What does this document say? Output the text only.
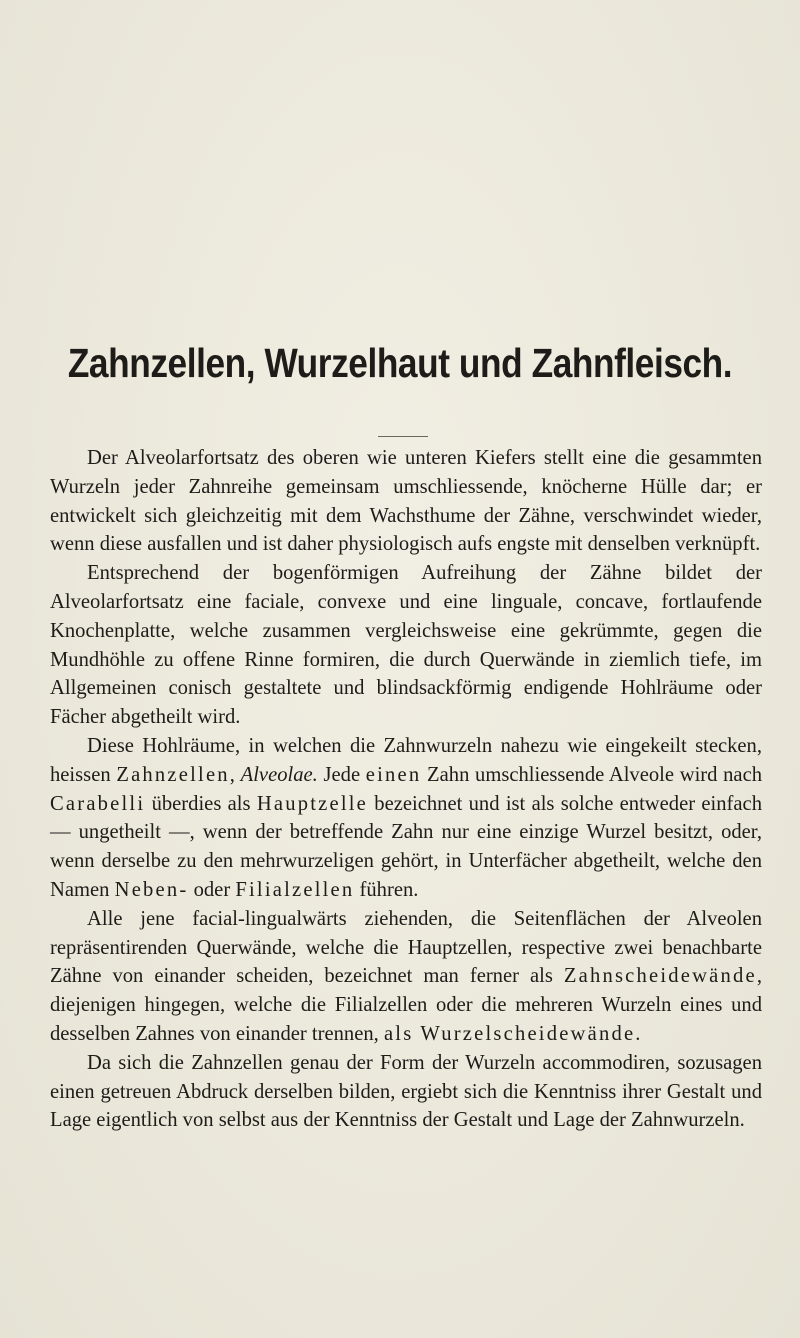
Zahnzellen, Wurzelhaut und Zahnfleisch.

Der Alveolarfortsatz des oberen wie unteren Kiefers stellt eine die gesammten Wurzeln jeder Zahnreihe gemeinsam umschliessende, knöcherne Hülle dar; er entwickelt sich gleichzeitig mit dem Wachsthume der Zähne, verschwindet wieder, wenn diese ausfallen und ist daher physiologisch aufs engste mit denselben verknüpft.

Entsprechend der bogenförmigen Aufreihung der Zähne bildet der Alveolarfortsatz eine faciale, convexe und eine linguale, concave, fortlaufende Knochenplatte, welche zusammen vergleichsweise eine gekrümmte, gegen die Mundhöhle zu offene Rinne formiren, die durch Querwände in ziemlich tiefe, im Allgemeinen conisch gestaltete und blindsackförmig endigende Hohlräume oder Fächer abgetheilt wird.

Diese Hohlräume, in welchen die Zahnwurzeln nahezu wie eingekeilt stecken, heissen Zahnzellen, Alveolae. Jede einen Zahn umschliessende Alveole wird nach Carabelli überdies als Hauptzelle bezeichnet und ist als solche entweder einfach — ungetheilt —, wenn der betreffende Zahn nur eine einzige Wurzel besitzt, oder, wenn derselbe zu den mehrwurzeligen gehört, in Unterfächer abgetheilt, welche den Namen Neben- oder Filialzellen führen.

Alle jene facial-lingualwärts ziehenden, die Seitenflächen der Alveolen repräsentirenden Querwände, welche die Hauptzellen, respective zwei benachbarte Zähne von einander scheiden, bezeichnet man ferner als Zahnscheidewände, diejenigen hingegen, welche die Filialzellen oder die mehreren Wurzeln eines und desselben Zahnes von einander trennen, als Wurzelscheidewände.

Da sich die Zahnzellen genau der Form der Wurzeln accommodiren, sozusagen einen getreuen Abdruck derselben bilden, ergiebt sich die Kenntniss ihrer Gestalt und Lage eigentlich von selbst aus der Kenntniss der Gestalt und Lage der Zahnwurzeln.
